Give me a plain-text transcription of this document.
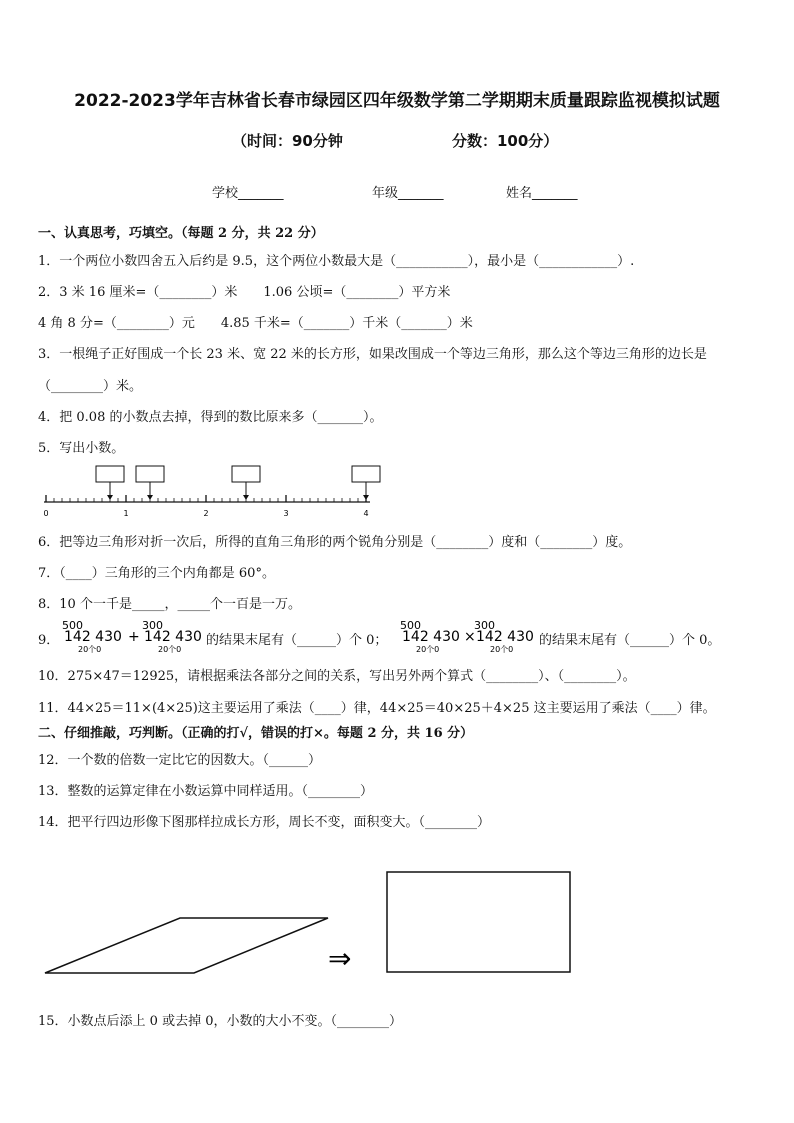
2022-2023学年吉林省长春市绿园区四年级数学第二学期期末质量跟踪监视模拟试题
（时间：90分钟	分数：100分）
学校_______	年级_______	姓名_______
一、认真思考，巧填空。（每题 2 分，共 22 分）
1．一个两位小数四舍五入后约是 9.5，这个两位小数最大是（___________），最小是（____________）.
2．3 米 16 厘米=（________）米　　1.06 公顷=（________）平方米
4 角 8 分=（________）元　　4.85 千米=（_______）千米（_______）米
3．一根绳子正好围成一个长 23 米、宽 22 米的长方形，如果改围成一个等边三角形，那么这个等边三角形的边长是
（________）米。
4．把 0.08 的小数点去掉，得到的数比原来多（_______）。
5．写出小数。
0	1	2	3	4
6．把等边三角形对折一次后，所得的直角三角形的两个锐角分别是（________）度和（________）度。
7．（____）三角形的三个内角都是 60°。
8．10 个一千是_____，_____个一百是一万。
9．
500
142 430
20个0
+
300
142 430
20个0
的结果末尾有（______）个 0；
500
142 430
20个0
×
300
142 430
20个0
的结果末尾有（______）个 0。
10．275×47＝12925，请根据乘法各部分之间的关系，写出另外两个算式（________）、（________）。
11．44×25＝11×(4×25)这主要运用了乘法（____）律，44×25＝40×25＋4×25 这主要运用了乘法（____）律。
二、仔细推敲，巧判断。（正确的打√，错误的打×。每题 2 分，共 16 分）
12．一个数的倍数一定比它的因数大。（______）
13．整数的运算定律在小数运算中同样适用。（________）
14．把平行四边形像下图那样拉成长方形，周长不变，面积变大。（________）
⇒
15．小数点后添上 0 或去掉 0，小数的大小不变。（________）
